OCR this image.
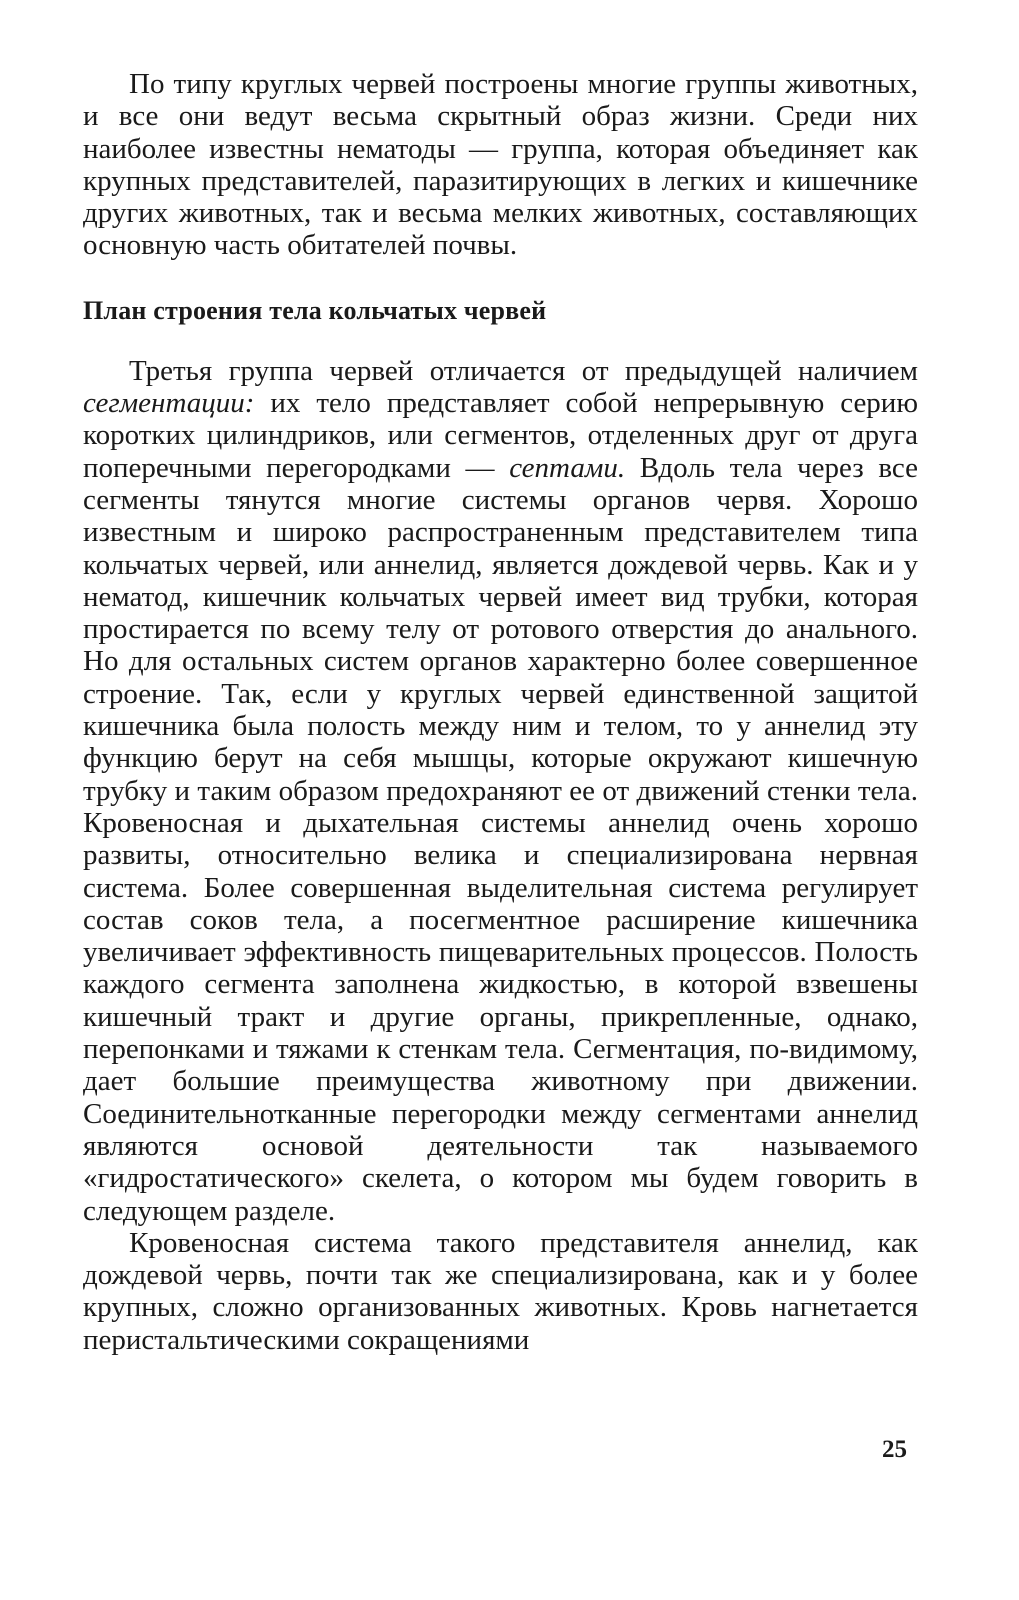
По типу круглых червей построены многие группы животных, и все они ведут весьма скрытный образ жизни. Среди них наиболее известны нематоды — группа, которая объединяет как крупных представителей, паразитирующих в легких и кишечнике других животных, так и весьма мелких животных, составляющих основную часть обитателей почвы.

План строения тела кольчатых червей

Третья группа червей отличается от предыдущей наличием сегментации: их тело представляет собой непрерывную серию коротких цилиндриков, или сегментов, отделенных друг от друга поперечными перегородками — септами. Вдоль тела через все сегменты тянутся многие системы органов червя. Хорошо известным и широко распространенным представителем типа кольчатых червей, или аннелид, является дождевой червь. Как и у нематод, кишечник кольчатых червей имеет вид трубки, которая простирается по всему телу от ротового отверстия до анального. Но для остальных систем органов характерно более совершенное строение. Так, если у круглых червей единственной защитой кишечника была полость между ним и телом, то у аннелид эту функцию берут на себя мышцы, которые окружают кишечную трубку и таким образом предохраняют ее от движений стенки тела. Кровеносная и дыхательная системы аннелид очень хорошо развиты, относительно велика и специализирована нервная система. Более совершенная выделительная система регулирует состав соков тела, а посегментное расширение кишечника увеличивает эффективность пищеварительных процессов. Полость каждого сегмента заполнена жидкостью, в которой взвешены кишечный тракт и другие органы, прикрепленные, однако, перепонками и тяжами к стенкам тела. Сегментация, по-видимому, дает большие преимущества животному при движении. Соединительнотканные перегородки между сегментами аннелид являются основой деятельности так называемого «гидростатического» скелета, о котором мы будем говорить в следующем разделе.

Кровеносная система такого представителя аннелид, как дождевой червь, почти так же специализирована, как и у более крупных, сложно организованных животных. Кровь нагнетается перистальтическими сокращениями

25
